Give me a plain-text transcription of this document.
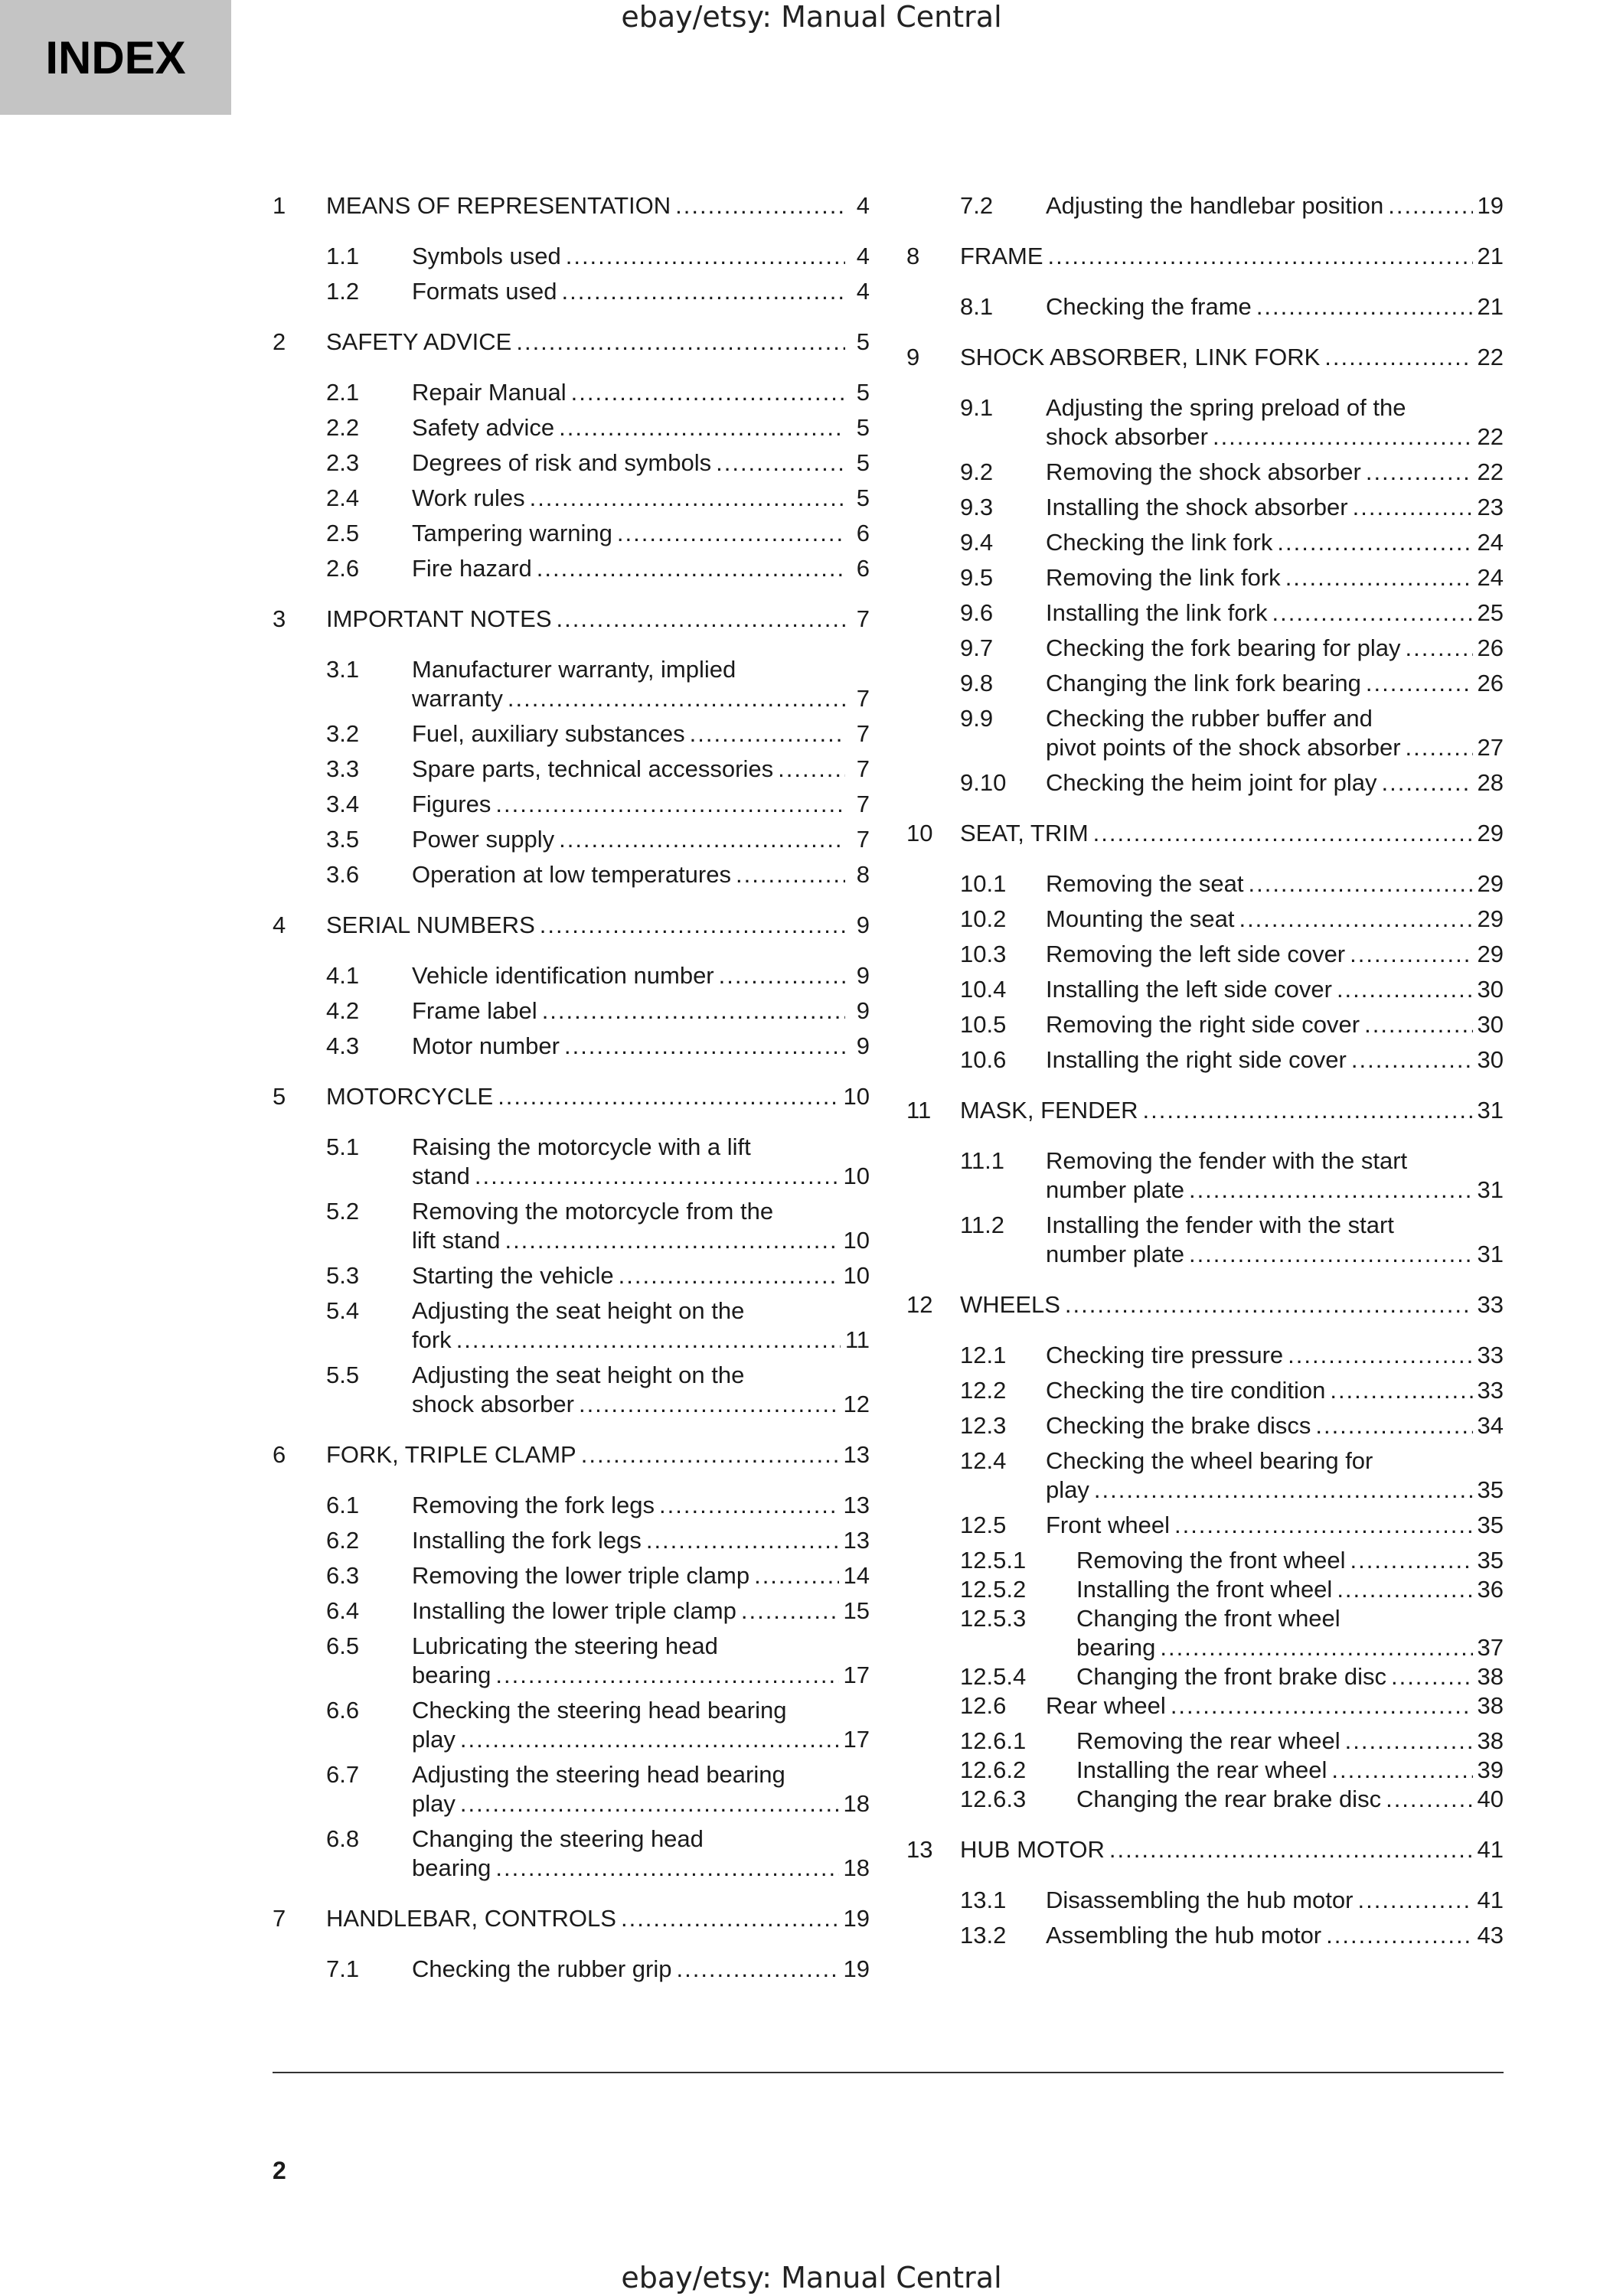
ebay/etsy: Manual Central
INDEX
1	MEANS OF REPRESENTATION .....	4
1.1	Symbols used .....	4
1.2	Formats used .....	4
2	SAFETY ADVICE .....	5
2.1	Repair Manual .....	5
2.2	Safety advice .....	5
2.3	Degrees of risk and symbols .....	5
2.4	Work rules .....	5
2.5	Tampering warning .....	6
2.6	Fire hazard .....	6
3	IMPORTANT NOTES .....	7
3.1	Manufacturer warranty, implied
warranty .....	7
3.2	Fuel, auxiliary substances .....	7
3.3	Spare parts, technical accessories .....	7
3.4	Figures .....	7
3.5	Power supply .....	7
3.6	Operation at low temperatures .....	8
4	SERIAL NUMBERS .....	9
4.1	Vehicle identification number .....	9
4.2	Frame label .....	9
4.3	Motor number .....	9
5	MOTORCYCLE .....	10
5.1	Raising the motorcycle with a lift
stand .....	10
5.2	Removing the motorcycle from the
lift stand .....	10
5.3	Starting the vehicle .....	10
5.4	Adjusting the seat height on the
fork .....	11
5.5	Adjusting the seat height on the
shock absorber .....	12
6	FORK, TRIPLE CLAMP .....	13
6.1	Removing the fork legs .....	13
6.2	Installing the fork legs .....	13
6.3	Removing the lower triple clamp .....	14
6.4	Installing the lower triple clamp .....	15
6.5	Lubricating the steering head
bearing .....	17
6.6	Checking the steering head bearing
play .....	17
6.7	Adjusting the steering head bearing
play .....	18
6.8	Changing the steering head
bearing .....	18
7	HANDLEBAR, CONTROLS .....	19
7.1	Checking the rubber grip .....	19
7.2	Adjusting the handlebar position .....	19
8	FRAME .....	21
8.1	Checking the frame .....	21
9	SHOCK ABSORBER, LINK FORK .....	22
9.1	Adjusting the spring preload of the
shock absorber .....	22
9.2	Removing the shock absorber .....	22
9.3	Installing the shock absorber .....	23
9.4	Checking the link fork .....	24
9.5	Removing the link fork .....	24
9.6	Installing the link fork .....	25
9.7	Checking the fork bearing for play .....	26
9.8	Changing the link fork bearing .....	26
9.9	Checking the rubber buffer and
pivot points of the shock absorber .....	27
9.10	Checking the heim joint for play .....	28
10	SEAT, TRIM .....	29
10.1	Removing the seat .....	29
10.2	Mounting the seat .....	29
10.3	Removing the left side cover .....	29
10.4	Installing the left side cover .....	30
10.5	Removing the right side cover .....	30
10.6	Installing the right side cover .....	30
11	MASK, FENDER .....	31
11.1	Removing the fender with the start
number plate .....	31
11.2	Installing the fender with the start
number plate .....	31
12	WHEELS .....	33
12.1	Checking tire pressure .....	33
12.2	Checking the tire condition .....	33
12.3	Checking the brake discs .....	34
12.4	Checking the wheel bearing for
play .....	35
12.5	Front wheel .....	35
12.5.1	Removing the front wheel .....	35
12.5.2	Installing the front wheel .....	36
12.5.3	Changing the front wheel
bearing .....	37
12.5.4	Changing the front brake disc .....	38
12.6	Rear wheel .....	38
12.6.1	Removing the rear wheel .....	38
12.6.2	Installing the rear wheel .....	39
12.6.3	Changing the rear brake disc .....	40
13	HUB MOTOR .....	41
13.1	Disassembling the hub motor .....	41
13.2	Assembling the hub motor .....	43
2
ebay/etsy: Manual Central
